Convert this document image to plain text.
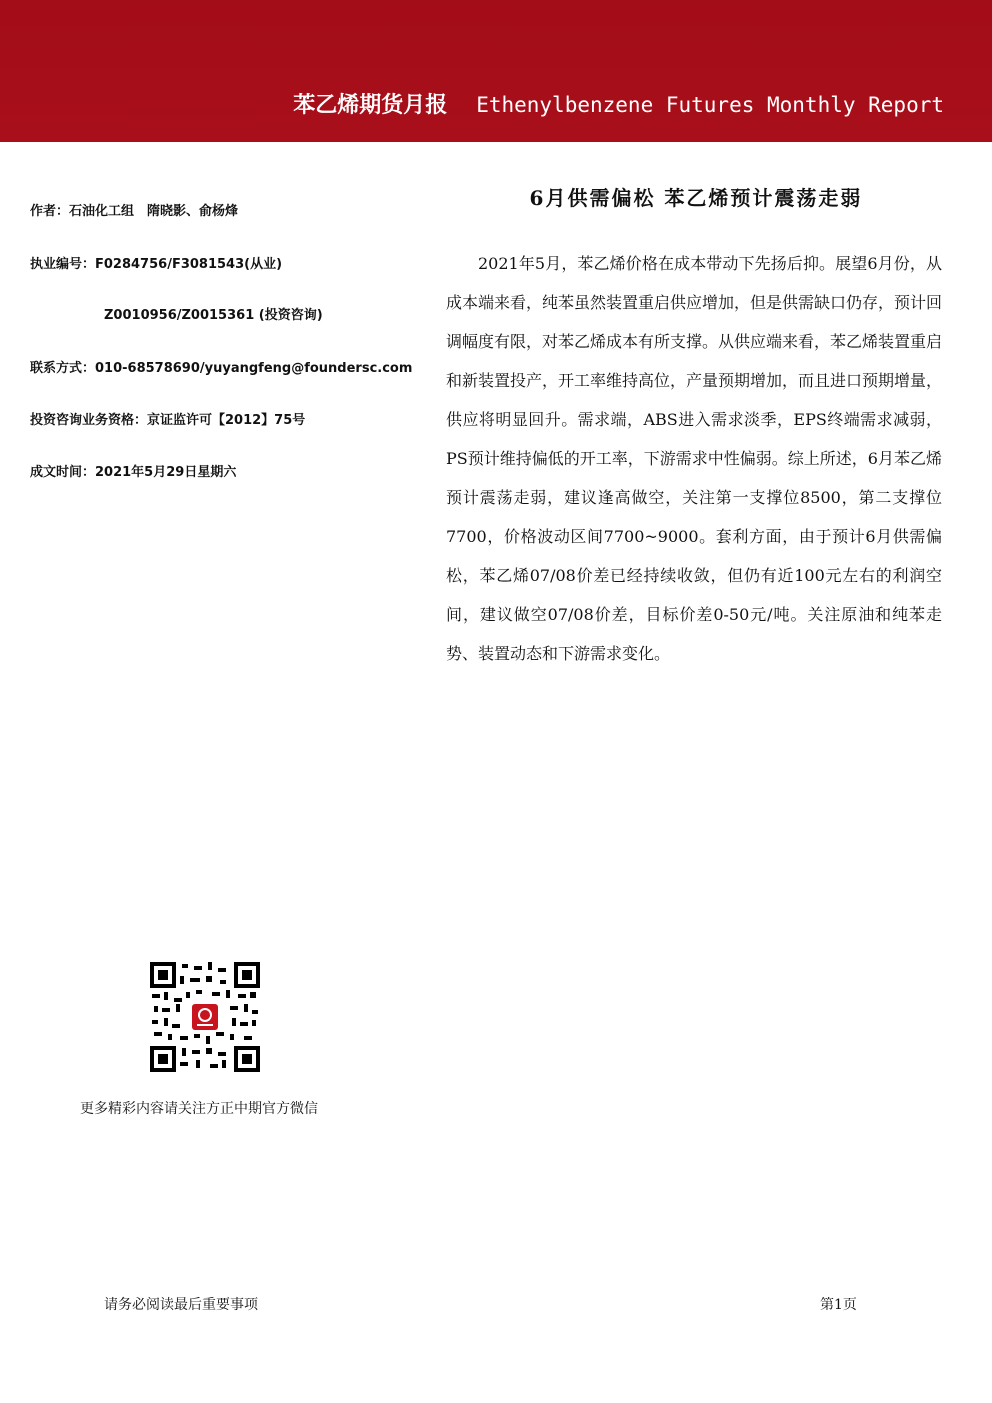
苯乙烯期货月报 Ethenylbenzene Futures Monthly Report
作者：石油化工组　隋晓影、俞杨烽
执业编号：F0284756/F3081543(从业)
Z0010956/Z0015361 (投资咨询)
联系方式：010-68578690/yuyangfeng@foundersc.com
投资咨询业务资格：京证监许可【2012】75号
成文时间：2021年5月29日星期六
6月供需偏松 苯乙烯预计震荡走弱
2021年5月，苯乙烯价格在成本带动下先扬后抑。展望6月份，从成本端来看，纯苯虽然装置重启供应增加，但是供需缺口仍存，预计回调幅度有限，对苯乙烯成本有所支撑。从供应端来看，苯乙烯装置重启和新装置投产，开工率维持高位，产量预期增加，而且进口预期增量，供应将明显回升。需求端，ABS进入需求淡季，EPS终端需求减弱，PS预计维持偏低的开工率，下游需求中性偏弱。综上所述，6月苯乙烯预计震荡走弱，建议逢高做空，关注第一支撑位8500，第二支撑位7700，价格波动区间7700~9000。套利方面，由于预计6月供需偏松，苯乙烯07/08价差已经持续收敛，但仍有近100元左右的利润空间，建议做空07/08价差，目标价差0-50元/吨。关注原油和纯苯走势、装置动态和下游需求变化。
更多精彩内容请关注方正中期官方微信
请务必阅读最后重要事项	第1页
